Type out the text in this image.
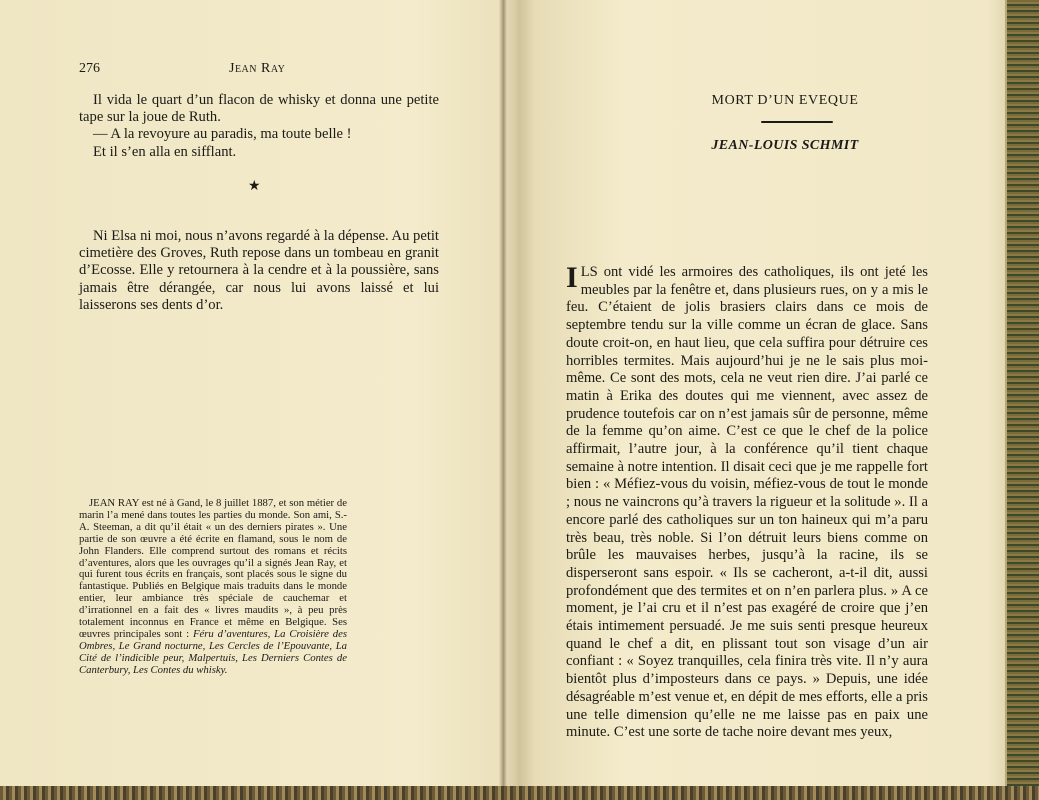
276	Jean Ray

Il vida le quart d’un flacon de whisky et donna une petite tape sur la joue de Ruth.

— A la revoyure au paradis, ma toute belle !

Et il s’en alla en sifflant.

★

Ni Elsa ni moi, nous n’avons regardé à la dépense. Au petit cimetière des Groves, Ruth repose dans un tombeau en granit d’Ecosse. Elle y retournera à la cendre et à la poussière, sans jamais être dérangée, car nous lui avons laissé et lui laisserons ses dents d’or.

JEAN RAY est né à Gand, le 8 juillet 1887, et son métier de marin l’a mené dans toutes les parties du monde. Son ami, S.-A. Steeman, a dit qu’il était « un des derniers pirates ». Une partie de son œuvre a été écrite en flamand, sous le nom de John Flanders. Elle comprend surtout des romans et récits d’aventures, alors que les ouvrages qu’il a signés Jean Ray, et qui furent tous écrits en français, sont placés sous le signe du fantastique. Publiés en Belgique mais traduits dans le monde entier, leur ambiance très spéciale de cauchemar et d’irrationnel en a fait des « livres maudits », à peu près totalement inconnus en France et même en Belgique. Ses œuvres principales sont : Féru d’aventures, La Croisière des Ombres, Le Grand nocturne, Les Cercles de l’Epouvante, La Cité de l’indicible peur, Malpertuis, Les Derniers Contes de Canterbury, Les Contes du whisky.

MORT D’UN EVEQUE
JEAN-LOUIS SCHMIT

ILS ont vidé les armoires des catholiques, ils ont jeté les meubles par la fenêtre et, dans plusieurs rues, on y a mis le feu. C’étaient de jolis brasiers clairs dans ce mois de septembre tendu sur la ville comme un écran de glace. Sans doute croit-on, en haut lieu, que cela suffira pour détruire ces horribles termites. Mais aujourd’hui je ne le sais plus moi-même. Ce sont des mots, cela ne veut rien dire. J’ai parlé ce matin à Erika des doutes qui me viennent, avec assez de prudence toutefois car on n’est jamais sûr de personne, même de la femme qu’on aime. C’est ce que le chef de la police affirmait, l’autre jour, à la conférence qu’il tient chaque semaine à notre intention. Il disait ceci que je me rappelle fort bien : « Méfiez-vous du voisin, méfiez-vous de tout le monde ; nous ne vaincrons qu’à travers la rigueur et la solitude ». Il a encore parlé des catholiques sur un ton haineux qui m’a paru très beau, très noble. Si l’on détruit leurs biens comme on brûle les mauvaises herbes, jusqu’à la racine, ils se disperseront sans espoir. « Ils se cacheront, a-t-il dit, aussi profondément que des termites et on n’en parlera plus. » A ce moment, je l’ai cru et il n’est pas exagéré de croire que j’en étais intimement persuadé. Je me suis senti presque heureux quand le chef a dit, en plissant tout son visage d’un air confiant : « Soyez tranquilles, cela finira très vite. Il n’y aura bientôt plus d’imposteurs dans ce pays. » Depuis, une idée désagréable m’est venue et, en dépit de mes efforts, elle a pris une telle dimension qu’elle ne me laisse pas en paix une minute. C’est une sorte de tache noire devant mes yeux,
